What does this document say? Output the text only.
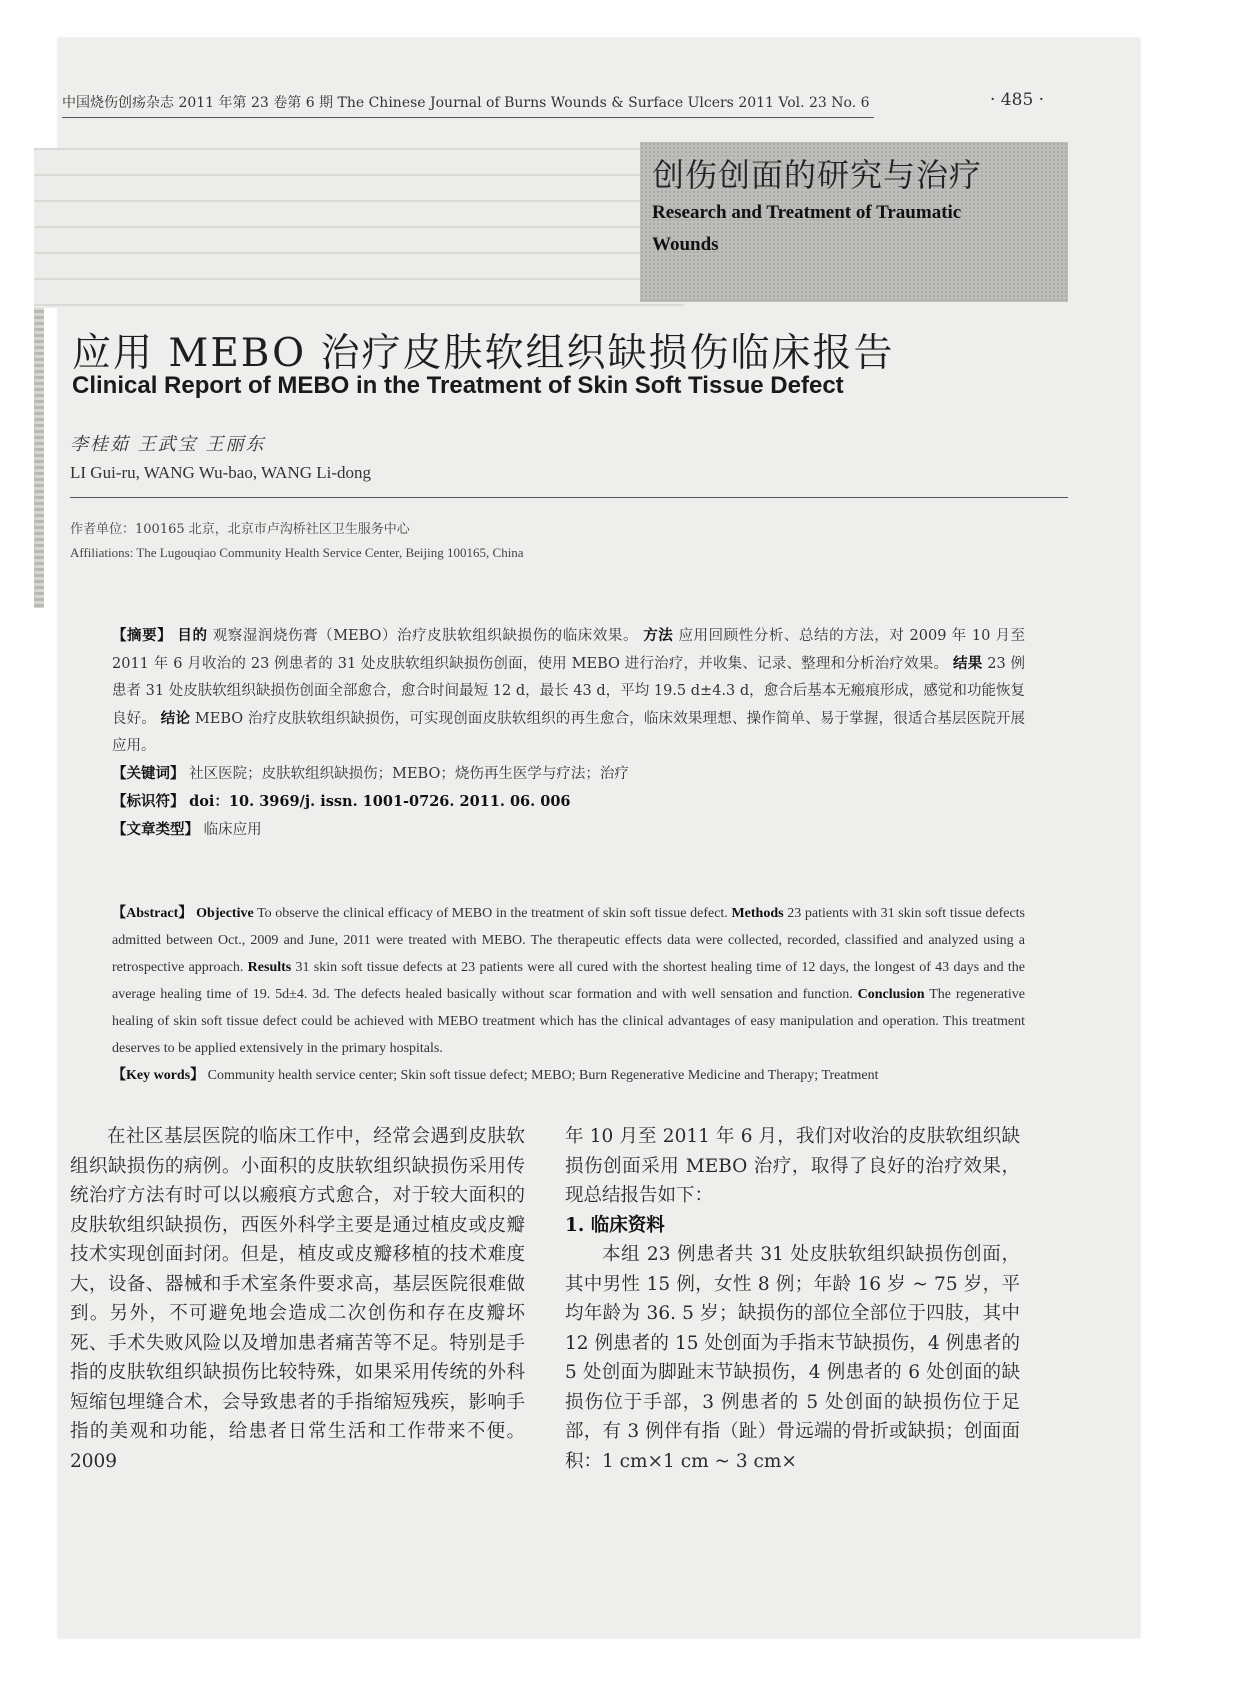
中国烧伤创疡杂志 2011 年第 23 卷第 6 期 The Chinese Journal of Burns Wounds & Surface Ulcers 2011 Vol. 23 No. 6	· 485 ·
创伤创面的研究与治疗
Research and Treatment of Traumatic
Wounds
应用 MEBO 治疗皮肤软组织缺损伤临床报告
Clinical Report of MEBO in the Treatment of Skin Soft Tissue Defect
李桂茹 王武宝 王丽东
LI Gui-ru, WANG Wu-bao, WANG Li-dong
作者单位：100165 北京，北京市卢沟桥社区卫生服务中心
Affiliations: The Lugouqiao Community Health Service Center, Beijing 100165, China
【摘要】 目的 观察湿润烧伤膏（MEBO）治疗皮肤软组织缺损伤的临床效果。 方法 应用回顾性分析、总结的方法，对 2009 年 10 月至 2011 年 6 月收治的 23 例患者的 31 处皮肤软组织缺损伤创面，使用 MEBO 进行治疗，并收集、记录、整理和分析治疗效果。 结果 23 例患者 31 处皮肤软组织缺损伤创面全部愈合，愈合时间最短 12 d，最长 43 d，平均 19.5 d±4.3 d，愈合后基本无瘢痕形成，感觉和功能恢复良好。 结论 MEBO 治疗皮肤软组织缺损伤，可实现创面皮肤软组织的再生愈合，临床效果理想、操作简单、易于掌握，很适合基层医院开展应用。
【关键词】 社区医院；皮肤软组织缺损伤；MEBO；烧伤再生医学与疗法；治疗
【标识符】 doi：10. 3969/j. issn. 1001-0726. 2011. 06. 006
【文章类型】 临床应用
【Abstract】 Objective To observe the clinical efficacy of MEBO in the treatment of skin soft tissue defect. Methods 23 patients with 31 skin soft tissue defects admitted between Oct., 2009 and June, 2011 were treated with MEBO. The therapeutic effects data were collected, recorded, classified and analyzed using a retrospective approach. Results 31 skin soft tissue defects at 23 patients were all cured with the shortest healing time of 12 days, the longest of 43 days and the average healing time of 19. 5d±4. 3d. The defects healed basically without scar formation and with well sensation and function. Conclusion The regenerative healing of skin soft tissue defect could be achieved with MEBO treatment which has the clinical advantages of easy manipulation and operation. This treatment deserves to be applied extensively in the primary hospitals.
【Key words】 Community health service center; Skin soft tissue defect; MEBO; Burn Regenerative Medicine and Therapy; Treatment

在社区基层医院的临床工作中，经常会遇到皮肤软组织缺损伤的病例。小面积的皮肤软组织缺损伤采用传统治疗方法有时可以以瘢痕方式愈合，对于较大面积的皮肤软组织缺损伤，西医外科学主要是通过植皮或皮瓣技术实现创面封闭。但是，植皮或皮瓣移植的技术难度大，设备、器械和手术室条件要求高，基层医院很难做到。另外，不可避免地会造成二次创伤和存在皮瓣坏死、手术失败风险以及增加患者痛苦等不足。特别是手指的皮肤软组织缺损伤比较特殊，如果采用传统的外科短缩包埋缝合术，会导致患者的手指缩短残疾，影响手指的美观和功能，给患者日常生活和工作带来不便。2009

年 10 月至 2011 年 6 月，我们对收治的皮肤软组织缺损伤创面采用 MEBO 治疗，取得了良好的治疗效果，现总结报告如下：

1. 临床资料

本组 23 例患者共 31 处皮肤软组织缺损伤创面，其中男性 15 例，女性 8 例；年龄 16 岁 ~ 75 岁，平均年龄为 36. 5 岁；缺损伤的部位全部位于四肢，其中 12 例患者的 15 处创面为手指末节缺损伤，4 例患者的 5 处创面为脚趾末节缺损伤，4 例患者的 6 处创面的缺损伤位于手部，3 例患者的 5 处创面的缺损伤位于足部，有 3 例伴有指（趾）骨远端的骨折或缺损；创面面积：1 cm×1 cm ~ 3 cm×
